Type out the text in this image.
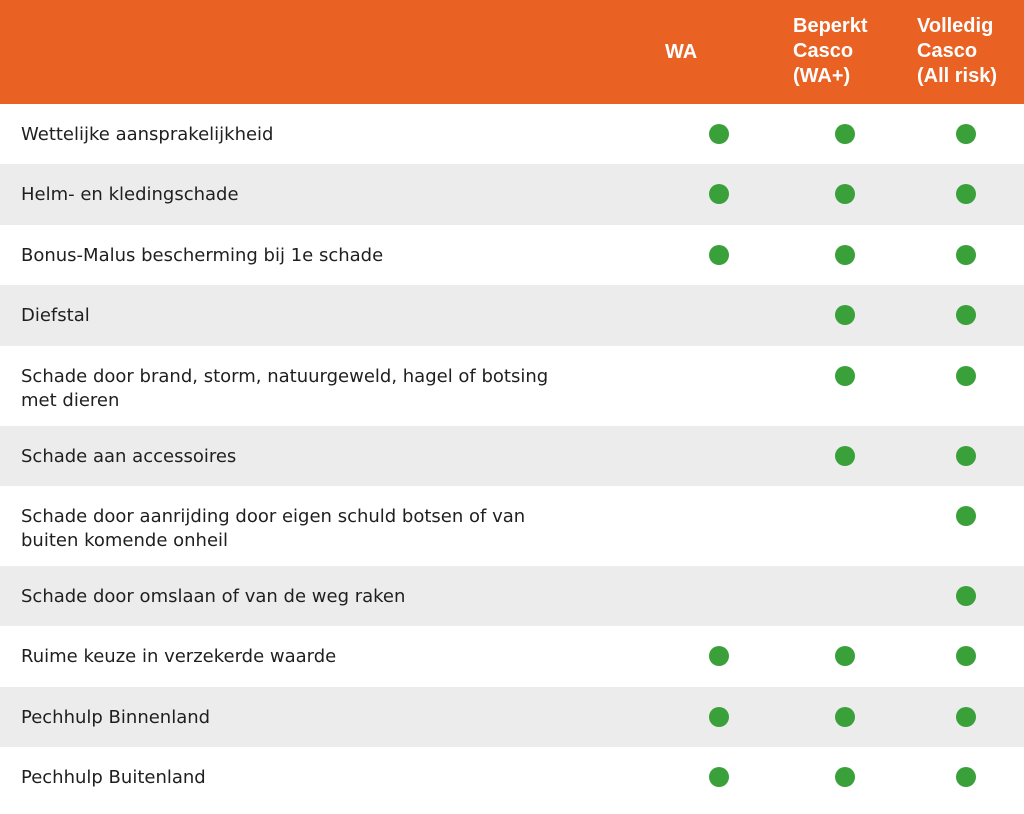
WA
Beperkt
Casco
(WA+)
Volledig
Casco
(All risk)
Wettelijke aansprakelijkheid
Helm- en kledingschade
Bonus-Malus bescherming bij 1e schade
Diefstal
Schade door brand, storm, natuurgeweld, hagel of botsing met dieren
Schade aan accessoires
Schade door aanrijding door eigen schuld botsen of van buiten komende onheil
Schade door omslaan of van de weg raken
Ruime keuze in verzekerde waarde
Pechhulp Binnenland
Pechhulp Buitenland
